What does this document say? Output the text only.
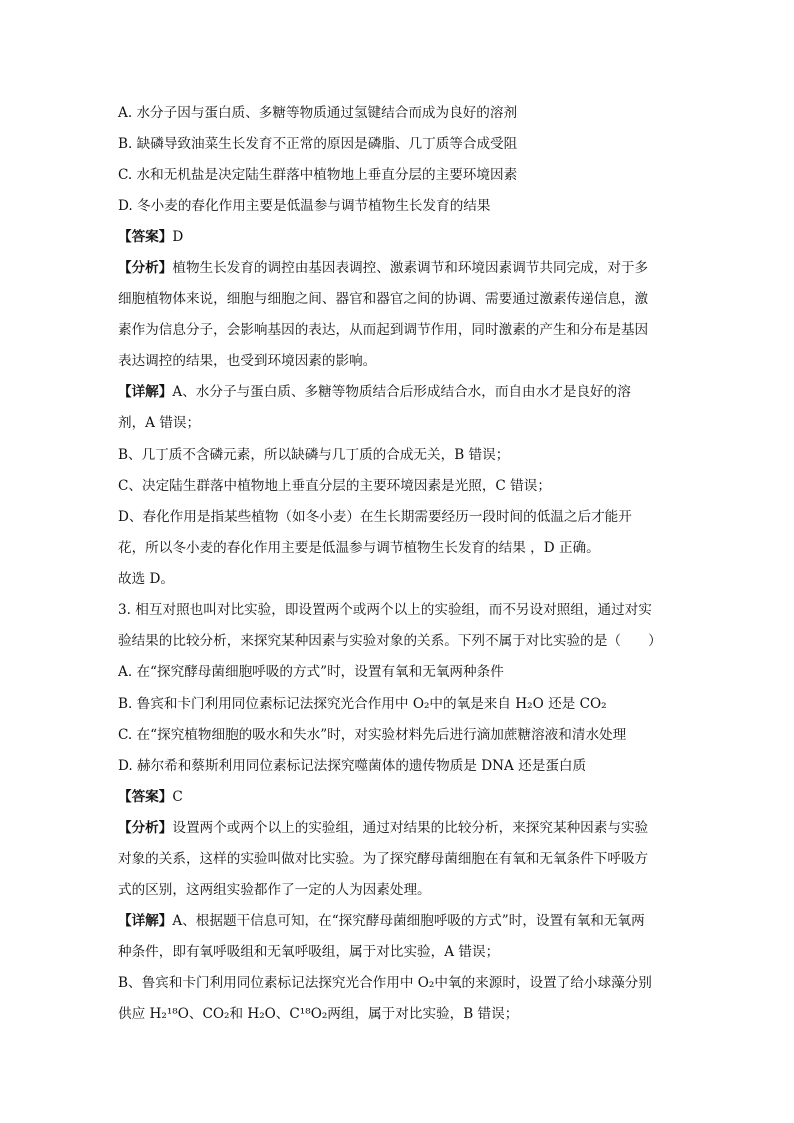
A. 水分子因与蛋白质、多糖等物质通过氢键结合而成为良好的溶剂
B. 缺磷导致油菜生长发育不正常的原因是磷脂、几丁质等合成受阻
C. 水和无机盐是决定陆生群落中植物地上垂直分层的主要环境因素
D. 冬小麦的春化作用主要是低温参与调节植物生长发育的结果
【答案】D
【分析】植物生长发育的调控由基因表调控、激素调节和环境因素调节共同完成，对于多
细胞植物体来说，细胞与细胞之间、器官和器官之间的协调、需要通过激素传递信息，激
素作为信息分子，会影响基因的表达，从而起到调节作用，同时激素的产生和分布是基因
表达调控的结果，也受到环境因素的影响。
【详解】A、水分子与蛋白质、多糖等物质结合后形成结合水，而自由水才是良好的溶
剂，A 错误；
B、几丁质不含磷元素，所以缺磷与几丁质的合成无关，B 错误；
C、决定陆生群落中植物地上垂直分层的主要环境因素是光照，C 错误；
D、春化作用是指某些植物（如冬小麦）在生长期需要经历一段时间的低温之后才能开
花，所以冬小麦的春化作用主要是低温参与调节植物生长发育的结果 ，D 正确。
故选 D。
3. 相互对照也叫对比实验，即设置两个或两个以上的实验组，而不另设对照组，通过对实
验结果的比较分析，来探究某种因素与实验对象的关系。下列不属于对比实验的是（　　）
A. 在“探究酵母菌细胞呼吸的方式”时，设置有氧和无氧两种条件
B. 鲁宾和卡门利用同位素标记法探究光合作用中 O₂中的氧是来自 H₂O 还是 CO₂
C. 在“探究植物细胞的吸水和失水”时，对实验材料先后进行滴加蔗糖溶液和清水处理
D. 赫尔希和蔡斯利用同位素标记法探究噬菌体的遗传物质是 DNA 还是蛋白质
【答案】C
【分析】设置两个或两个以上的实验组，通过对结果的比较分析，来探究某种因素与实验
对象的关系，这样的实验叫做对比实验。为了探究酵母菌细胞在有氧和无氧条件下呼吸方
式的区别，这两组实验都作了一定的人为因素处理。
【详解】A、根据题干信息可知，在“探究酵母菌细胞呼吸的方式”时，设置有氧和无氧两
种条件，即有氧呼吸组和无氧呼吸组，属于对比实验，A 错误；
B、鲁宾和卡门利用同位素标记法探究光合作用中 O₂中氧的来源时，设置了给小球藻分别
供应 H₂¹⁸O、CO₂和 H₂O、C¹⁸O₂两组，属于对比实验，B 错误；
